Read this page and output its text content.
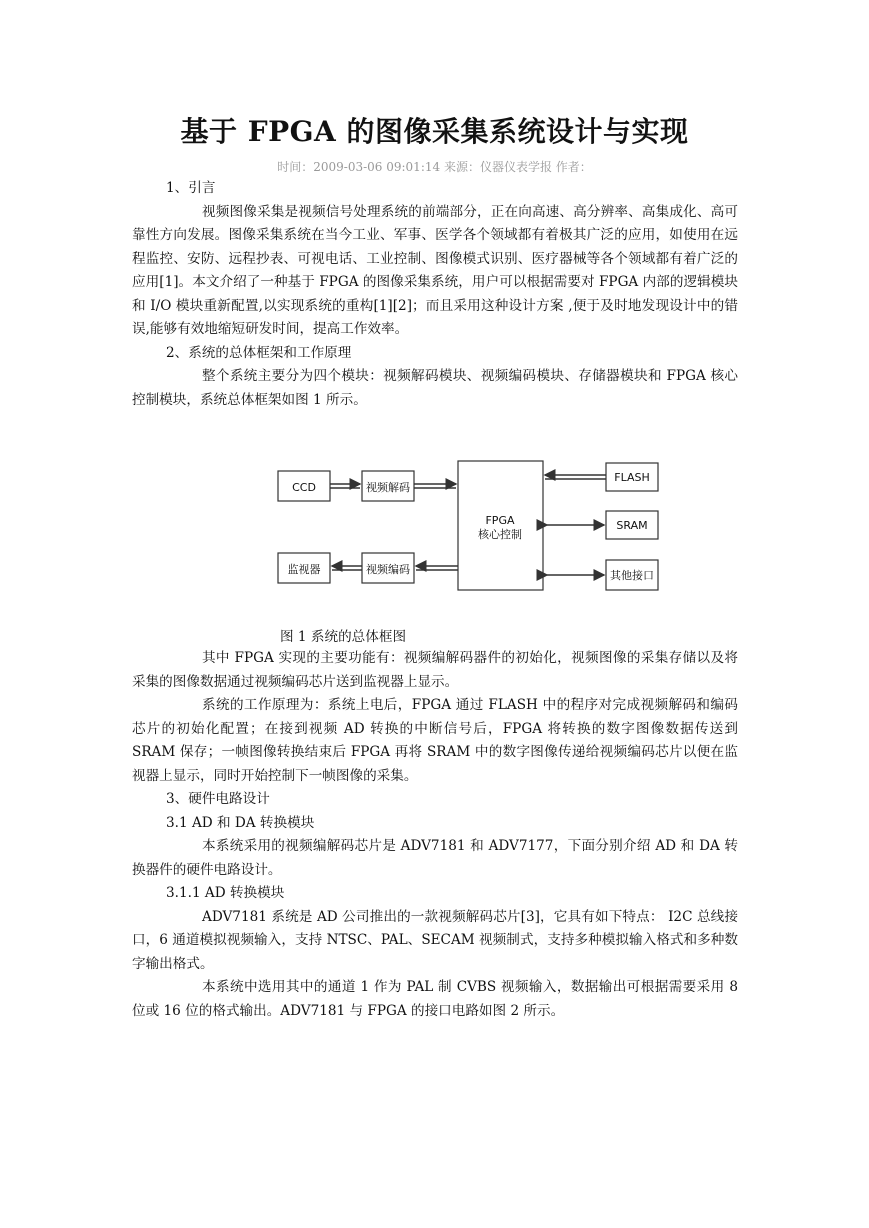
基于 FPGA 的图像采集系统设计与实现
时间：2009-03-06 09:01:14 来源：仪器仪表学报 作者：

1、引言

视频图像采集是视频信号处理系统的前端部分，正在向高速、高分辨率、高集成化、高可靠性方向发展。图像采集系统在当今工业、军事、医学各个领域都有着极其广泛的应用，如使用在远程监控、安防、远程抄表、可视电话、工业控制、图像模式识别、医疗器械等各个领域都有着广泛的应用[1]。本文介绍了一种基于 FPGA 的图像采集系统，用户可以根据需要对 FPGA 内部的逻辑模块和 I/O 模块重新配置,以实现系统的重构[1][2]；而且采用这种设计方案 ,便于及时地发现设计中的错误,能够有效地缩短研发时间，提高工作效率。

2、系统的总体框架和工作原理

整个系统主要分为四个模块：视频解码模块、视频编码模块、存储器模块和 FPGA 核心控制模块，系统总体框架如图 1 所示。

CCD	视频解码
监视器	视频编码
FPGA
核心控制
FLASH
SRAM
其他接口
图 1 系统的总体框图

其中 FPGA 实现的主要功能有：视频编解码器件的初始化，视频图像的采集存储以及将采集的图像数据通过视频编码芯片送到监视器上显示。

系统的工作原理为：系统上电后，FPGA 通过 FLASH 中的程序对完成视频解码和编码芯片的初始化配置；在接到视频 AD 转换的中断信号后，FPGA 将转换的数字图像数据传送到 SRAM 保存；一帧图像转换结束后 FPGA 再将 SRAM 中的数字图像传递给视频编码芯片以便在监视器上显示，同时开始控制下一帧图像的采集。

3、硬件电路设计

3.1 AD 和 DA 转换模块

本系统采用的视频编解码芯片是 ADV7181 和 ADV7177，下面分别介绍 AD 和 DA 转换器件的硬件电路设计。

3.1.1 AD 转换模块

ADV7181 系统是 AD 公司推出的一款视频解码芯片[3]，它具有如下特点： I2C 总线接口，6 通道模拟视频输入，支持 NTSC、PAL、SECAM 视频制式，支持多种模拟输入格式和多种数字输出格式。

本系统中选用其中的通道 1 作为 PAL 制 CVBS 视频输入，数据输出可根据需要采用 8 位或 16 位的格式输出。ADV7181 与 FPGA 的接口电路如图 2 所示。
